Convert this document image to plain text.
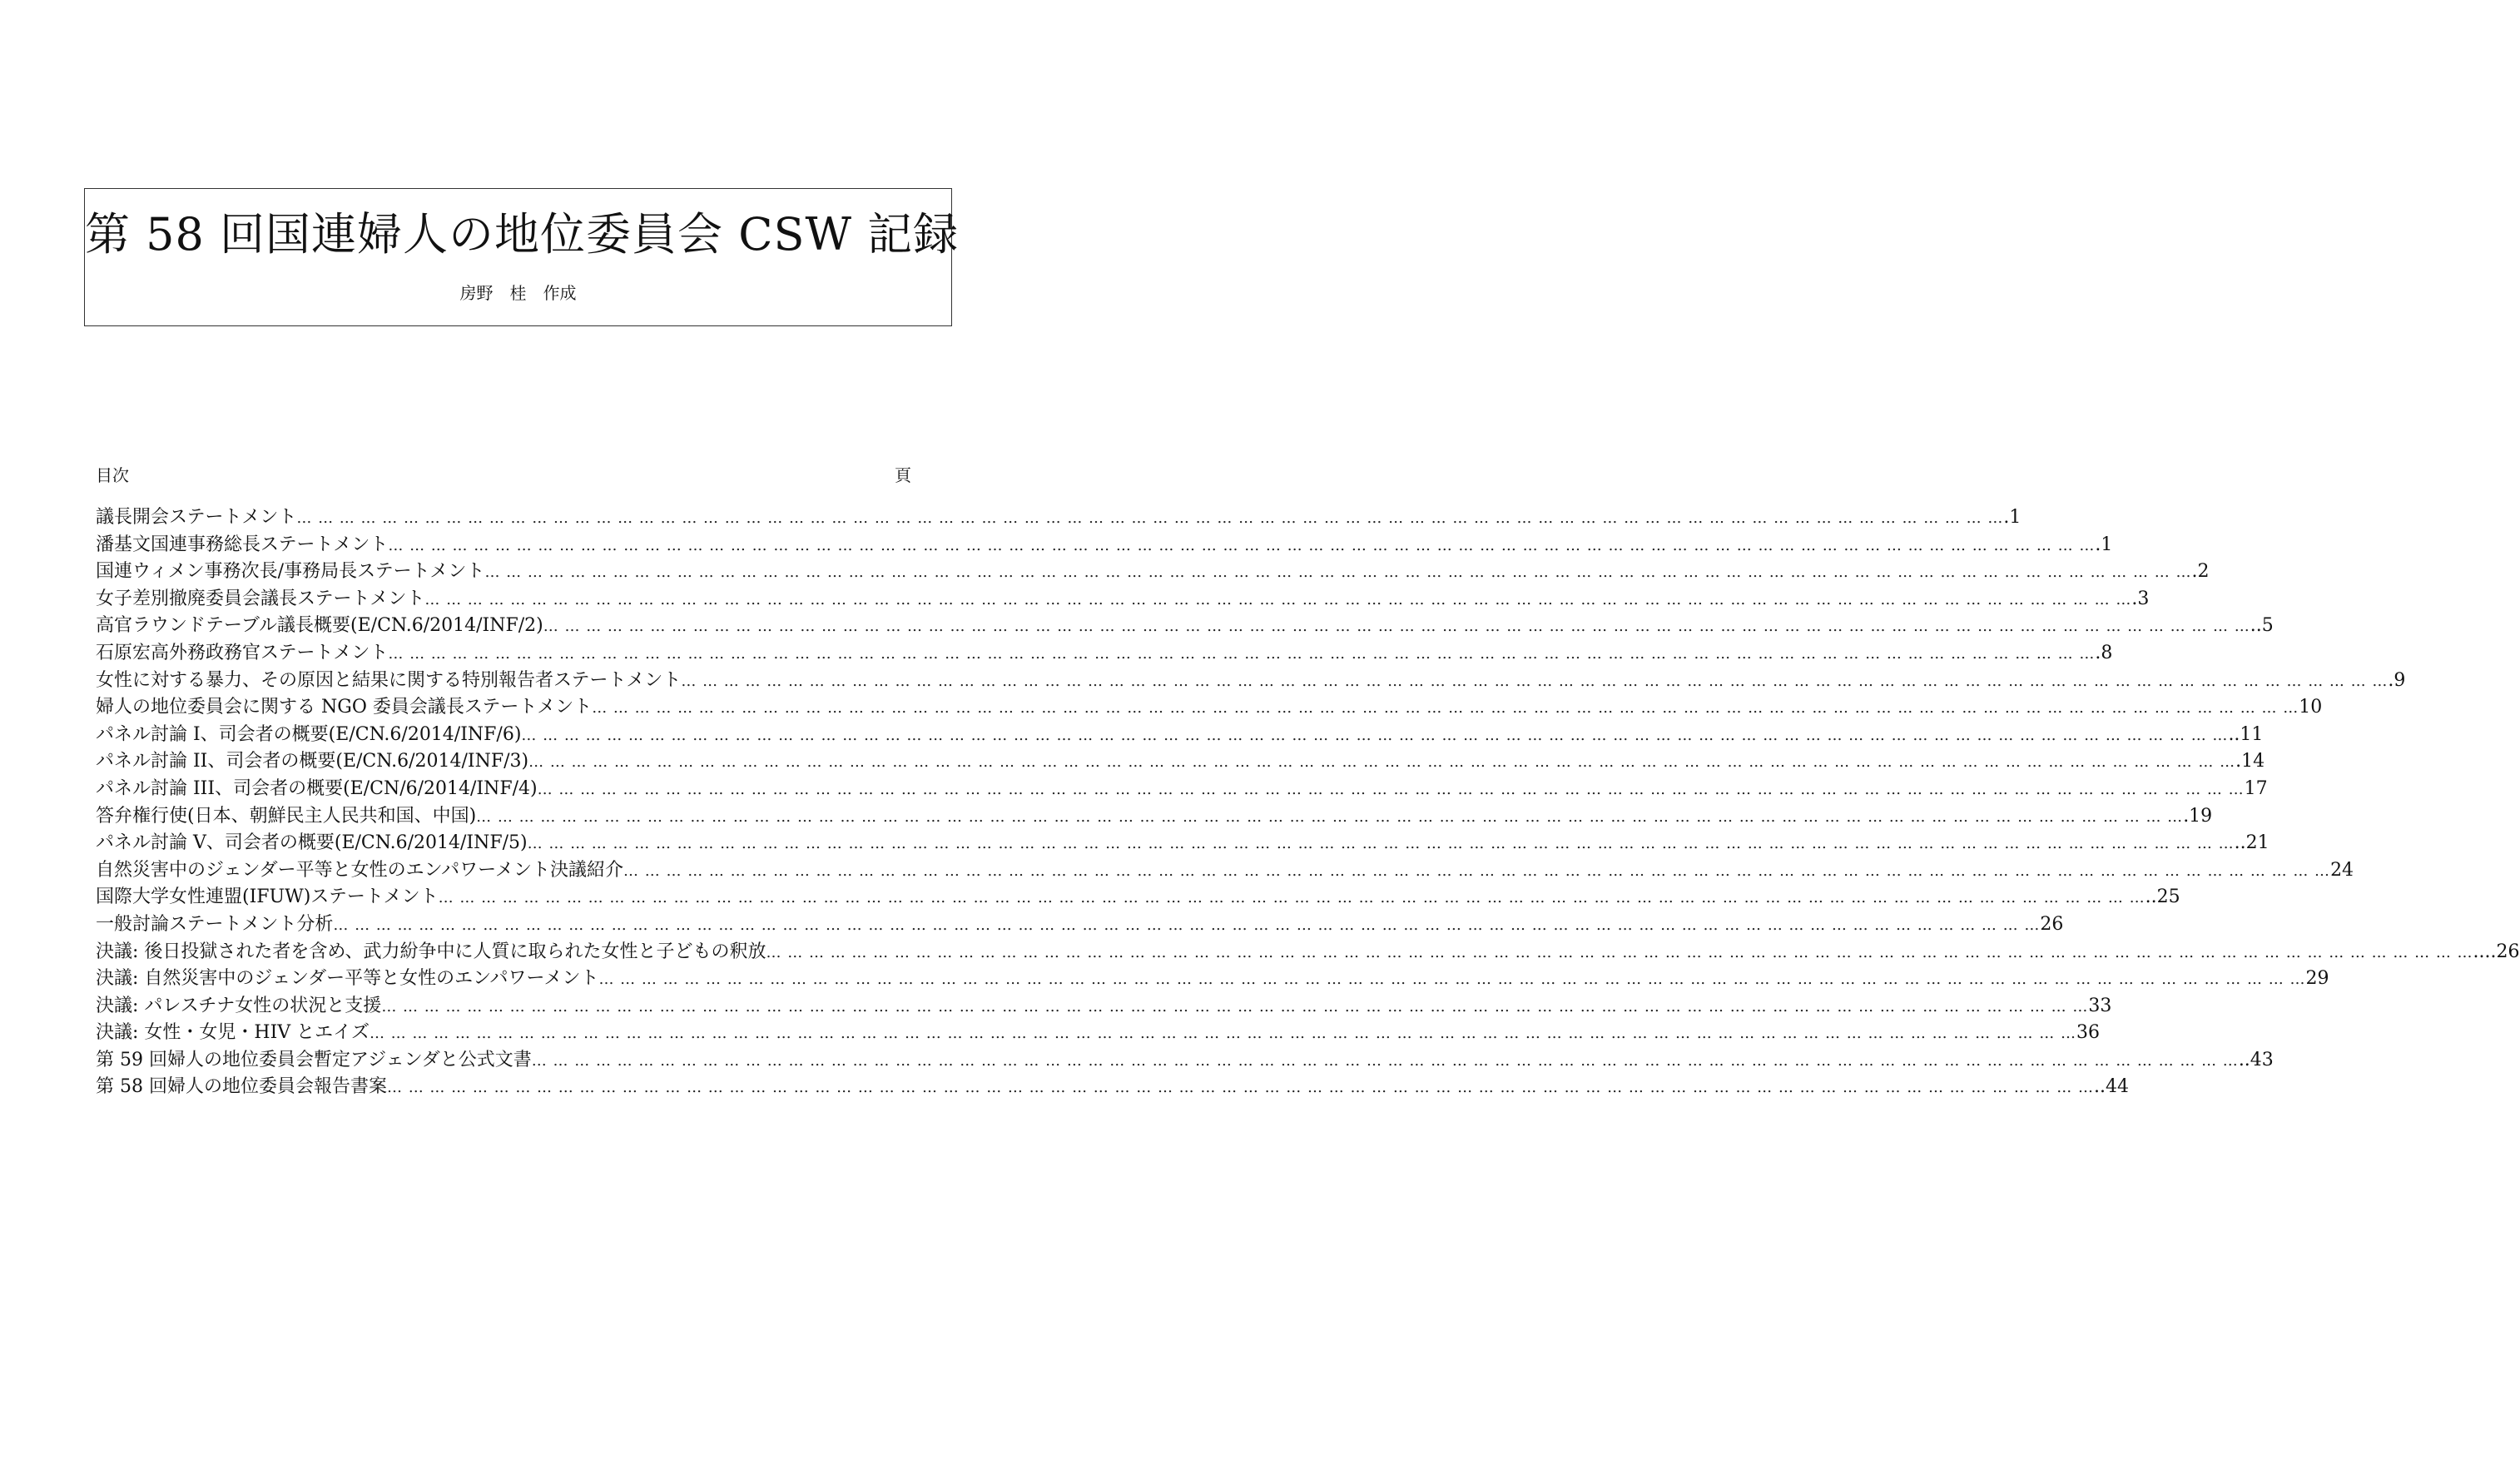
第 58 回国連婦人の地位委員会 CSW 記録
房野　桂　作成
目次	頁
議長開会ステートメント … … … … … … … … … … … … … … … … … … … … … … … … … … … … … … … … … … … … … … … … … … … … … … … … … … … … … … … … … … … … … … … … … … … … … … … … … … … … … … … … .1
潘基文国連事務総長ステートメント … … … … … … … … … … … … … … … … … … … … … … … … … … … … … … … … … … … … … … … … … … … … … … … … … … … … … … … … … … … … … … … … … … … … … … … … … … … … … … … … .1
国連ウィメン事務次長/事務局長ステートメント … … … … … … … … … … … … … … … … … … … … … … … … … … … … … … … … … … … … … … … … … … … … … … … … … … … … … … … … … … … … … … … … … … … … … … … … … … … … … … … … .2
女子差別撤廃委員会議長ステートメント … … … … … … … … … … … … … … … … … … … … … … … … … … … … … … … … … … … … … … … … … … … … … … … … … … … … … … … … … … … … … … … … … … … … … … … … … … … … … … … … .3
高官ラウンドテーブル議長概要(E/CN.6/2014/INF/2) … … … … … … … … … … … … … … … … … … … … … … … … … … … … … … … … … … … … … … … … … … … … … … … … … … … … … … … … … … … … … … … … … … … … … … … … … … … … … … … … ..5
石原宏高外務政務官ステートメント … … … … … … … … … … … … … … … … … … … … … … … … … … … … … … … … … … … … … … … … … … … … … … … … … … … … … … … … … … … … … … … … … … … … … … … … … … … … … … … … .8
女性に対する暴力、その原因と結果に関する特別報告者ステートメント … … … … … … … … … … … … … … … … … … … … … … … … … … … … … … … … … … … … … … … … … … … … … … … … … … … … … … … … … … … … … … … … … … … … … … … … … … … … … … … … .9
婦人の地位委員会に関する NGO 委員会議長ステートメント … … … … … … … … … … … … … … … … … … … … … … … … … … … … … … … … … … … … … … … … … … … … … … … … … … … … … … … … … … … … … … … … … … … … … … … … … … … … … … … … 10
パネル討論 I、司会者の概要(E/CN.6/2014/INF/6) … … … … … … … … … … … … … … … … … … … … … … … … … … … … … … … … … … … … … … … … … … … … … … … … … … … … … … … … … … … … … … … … … … … … … … … … … … … … … … … … ..11
パネル討論 II、司会者の概要(E/CN.6/2014/INF/3) … … … … … … … … … … … … … … … … … … … … … … … … … … … … … … … … … … … … … … … … … … … … … … … … … … … … … … … … … … … … … … … … … … … … … … … … … … … … … … … … .14
パネル討論 III、司会者の概要(E/CN/6/2014/INF/4) … … … … … … … … … … … … … … … … … … … … … … … … … … … … … … … … … … … … … … … … … … … … … … … … … … … … … … … … … … … … … … … … … … … … … … … … … … … … … … … … 17
答弁権行使(日本、朝鮮民主人民共和国、中国) … … … … … … … … … … … … … … … … … … … … … … … … … … … … … … … … … … … … … … … … … … … … … … … … … … … … … … … … … … … … … … … … … … … … … … … … … … … … … … … … .19
パネル討論 V、司会者の概要(E/CN.6/2014/INF/5) … … … … … … … … … … … … … … … … … … … … … … … … … … … … … … … … … … … … … … … … … … … … … … … … … … … … … … … … … … … … … … … … … … … … … … … … … … … … … … … … ..21
自然災害中のジェンダー平等と女性のエンパワーメント決議紹介 … … … … … … … … … … … … … … … … … … … … … … … … … … … … … … … … … … … … … … … … … … … … … … … … … … … … … … … … … … … … … … … … … … … … … … … … … … … … … … … … 24
国際大学女性連盟(IFUW)ステートメント … … … … … … … … … … … … … … … … … … … … … … … … … … … … … … … … … … … … … … … … … … … … … … … … … … … … … … … … … … … … … … … … … … … … … … … … … … … … … … … … ..25
一般討論ステートメント分析 … … … … … … … … … … … … … … … … … … … … … … … … … … … … … … … … … … … … … … … … … … … … … … … … … … … … … … … … … … … … … … … … … … … … … … … … … … … … … … … … 26
決議: 後日投獄された者を含め、武力紛争中に人質に取られた女性と子どもの釈放 … … … … … … … … … … … … … … … … … … … … … … … … … … … … … … … … … … … … … … … … … … … … … … … … … … … … … … … … … … … … … … … … … … … … … … … … … … … … … … … … ....26
決議: 自然災害中のジェンダー平等と女性のエンパワーメント … … … … … … … … … … … … … … … … … … … … … … … … … … … … … … … … … … … … … … … … … … … … … … … … … … … … … … … … … … … … … … … … … … … … … … … … … … … … … … … … 29
決議: パレスチナ女性の状況と支援 … … … … … … … … … … … … … … … … … … … … … … … … … … … … … … … … … … … … … … … … … … … … … … … … … … … … … … … … … … … … … … … … … … … … … … … … … … … … … … … … 33
決議: 女性・女児・HIV とエイズ … … … … … … … … … … … … … … … … … … … … … … … … … … … … … … … … … … … … … … … … … … … … … … … … … … … … … … … … … … … … … … … … … … … … … … … … … … … … … … … … 36
第 59 回婦人の地位委員会暫定アジェンダと公式文書 … … … … … … … … … … … … … … … … … … … … … … … … … … … … … … … … … … … … … … … … … … … … … … … … … … … … … … … … … … … … … … … … … … … … … … … … … … … … … … … … ..43
第 58 回婦人の地位委員会報告書案 … … … … … … … … … … … … … … … … … … … … … … … … … … … … … … … … … … … … … … … … … … … … … … … … … … … … … … … … … … … … … … … … … … … … … … … … … … … … … … … … ..44
